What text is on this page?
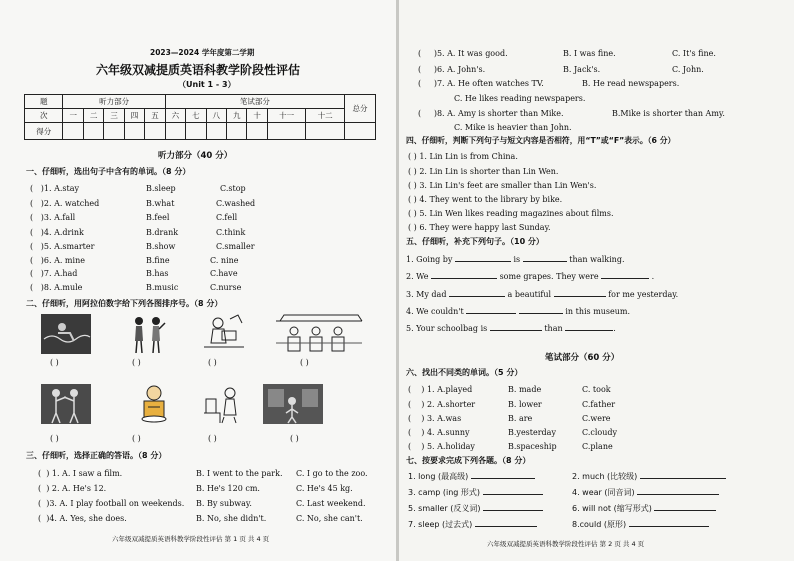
2023—2024 学年度第二学期
六年级双减提质英语科教学阶段性评估
（Unit 1 - 3）
题	听力部分					笔试部分							总分
次	一	二	三	四	五	六	七	八	九	十	十一	十二	
得分													
听力部分（40 分）
一、仔细听，选出句子中含有的单词。（8 分）
( )1. A.stay	B.sleep	C.stop
( )2. A. watched	B.what	C.washed
( )3. A.fall	B.feel	C.fell
( )4. A.drink	B.drank	C.think
( )5. A.smarter	B.show	C.smaller
( )6. A. mine	B.fine	C. nine
( )7. A.had	B.has	C.have
( )8. A.mule	B.music	C.nurse
二、仔细听，用阿拉伯数字给下列各图排序号。（8 分）
( )	( )	( )	( )
( )	( )	( )	( )
三、仔细听，选择正确的答语。（8 分）
( ) 1. A. I saw a film.	B. I went to the park. C. I go to the zoo.
( ) 2. A. He's 12.	B. He's 120 cm.	C. He's 45 kg.
( )3. A. I play football on weekends. B. By subway.	C. Last weekend.
( )4. A. Yes, she does.	B. No, she didn't.	C. No, she can't.
六年级双减提质英语科教学阶段性评估 第 1 页 共 4 页
( )5. A. It was good.	B. I was fine.	C. It's fine.
( )6. A. John's.	B. Jack's.	C. John.
( )7. A. He often watches TV.	B. He read newspapers.
C. He likes reading newspapers.
( )8. A. Amy is shorter than Mike.	B.Mike is shorter than Amy.
C. Mike is heavier than John.
四、仔细听，判断下列句子与短文内容是否相符，用“T”或“F”表示。（6 分）
( ) 1. Lin Lin is from China.
( ) 2. Lin Lin is shorter than Lin Wen.
( ) 3. Lin Lin's feet are smaller than Lin Wen's.
( ) 4. They went to the library by bike.
( ) 5. Lin Wen likes reading magazines about films.
( ) 6. They were happy last Sunday.
五、仔细听，补充下列句子。（10 分）
1. Going by	is	than walking.
2. We	some grapes. They were	.
3. My dad	a beautiful	for me yesterday.
4. We couldn't	in this museum.
5. Your schoolbag is	than	.
笔试部分（60 分）
六、找出不同类的单词。（5 分）
( ) 1. A.played	B. made	C. took
( ) 2. A.shorter	B. lower	C.father
( ) 3. A.was	B. are	C.were
( ) 4. A.sunny	B.yesterday	C.cloudy
( ) 5. A.holiday	B.spaceship	C.plane
七、按要求完成下列各题。（8 分）
1. long (最高级)	2. much (比较级)
3. camp (ing 形式)	4. wear (同音词)
5. smaller (反义词)	6. will not (缩写形式)
7. sleep (过去式)	8.could (原形)
六年级双减提质英语科教学阶段性评估 第 2 页 共 4 页
